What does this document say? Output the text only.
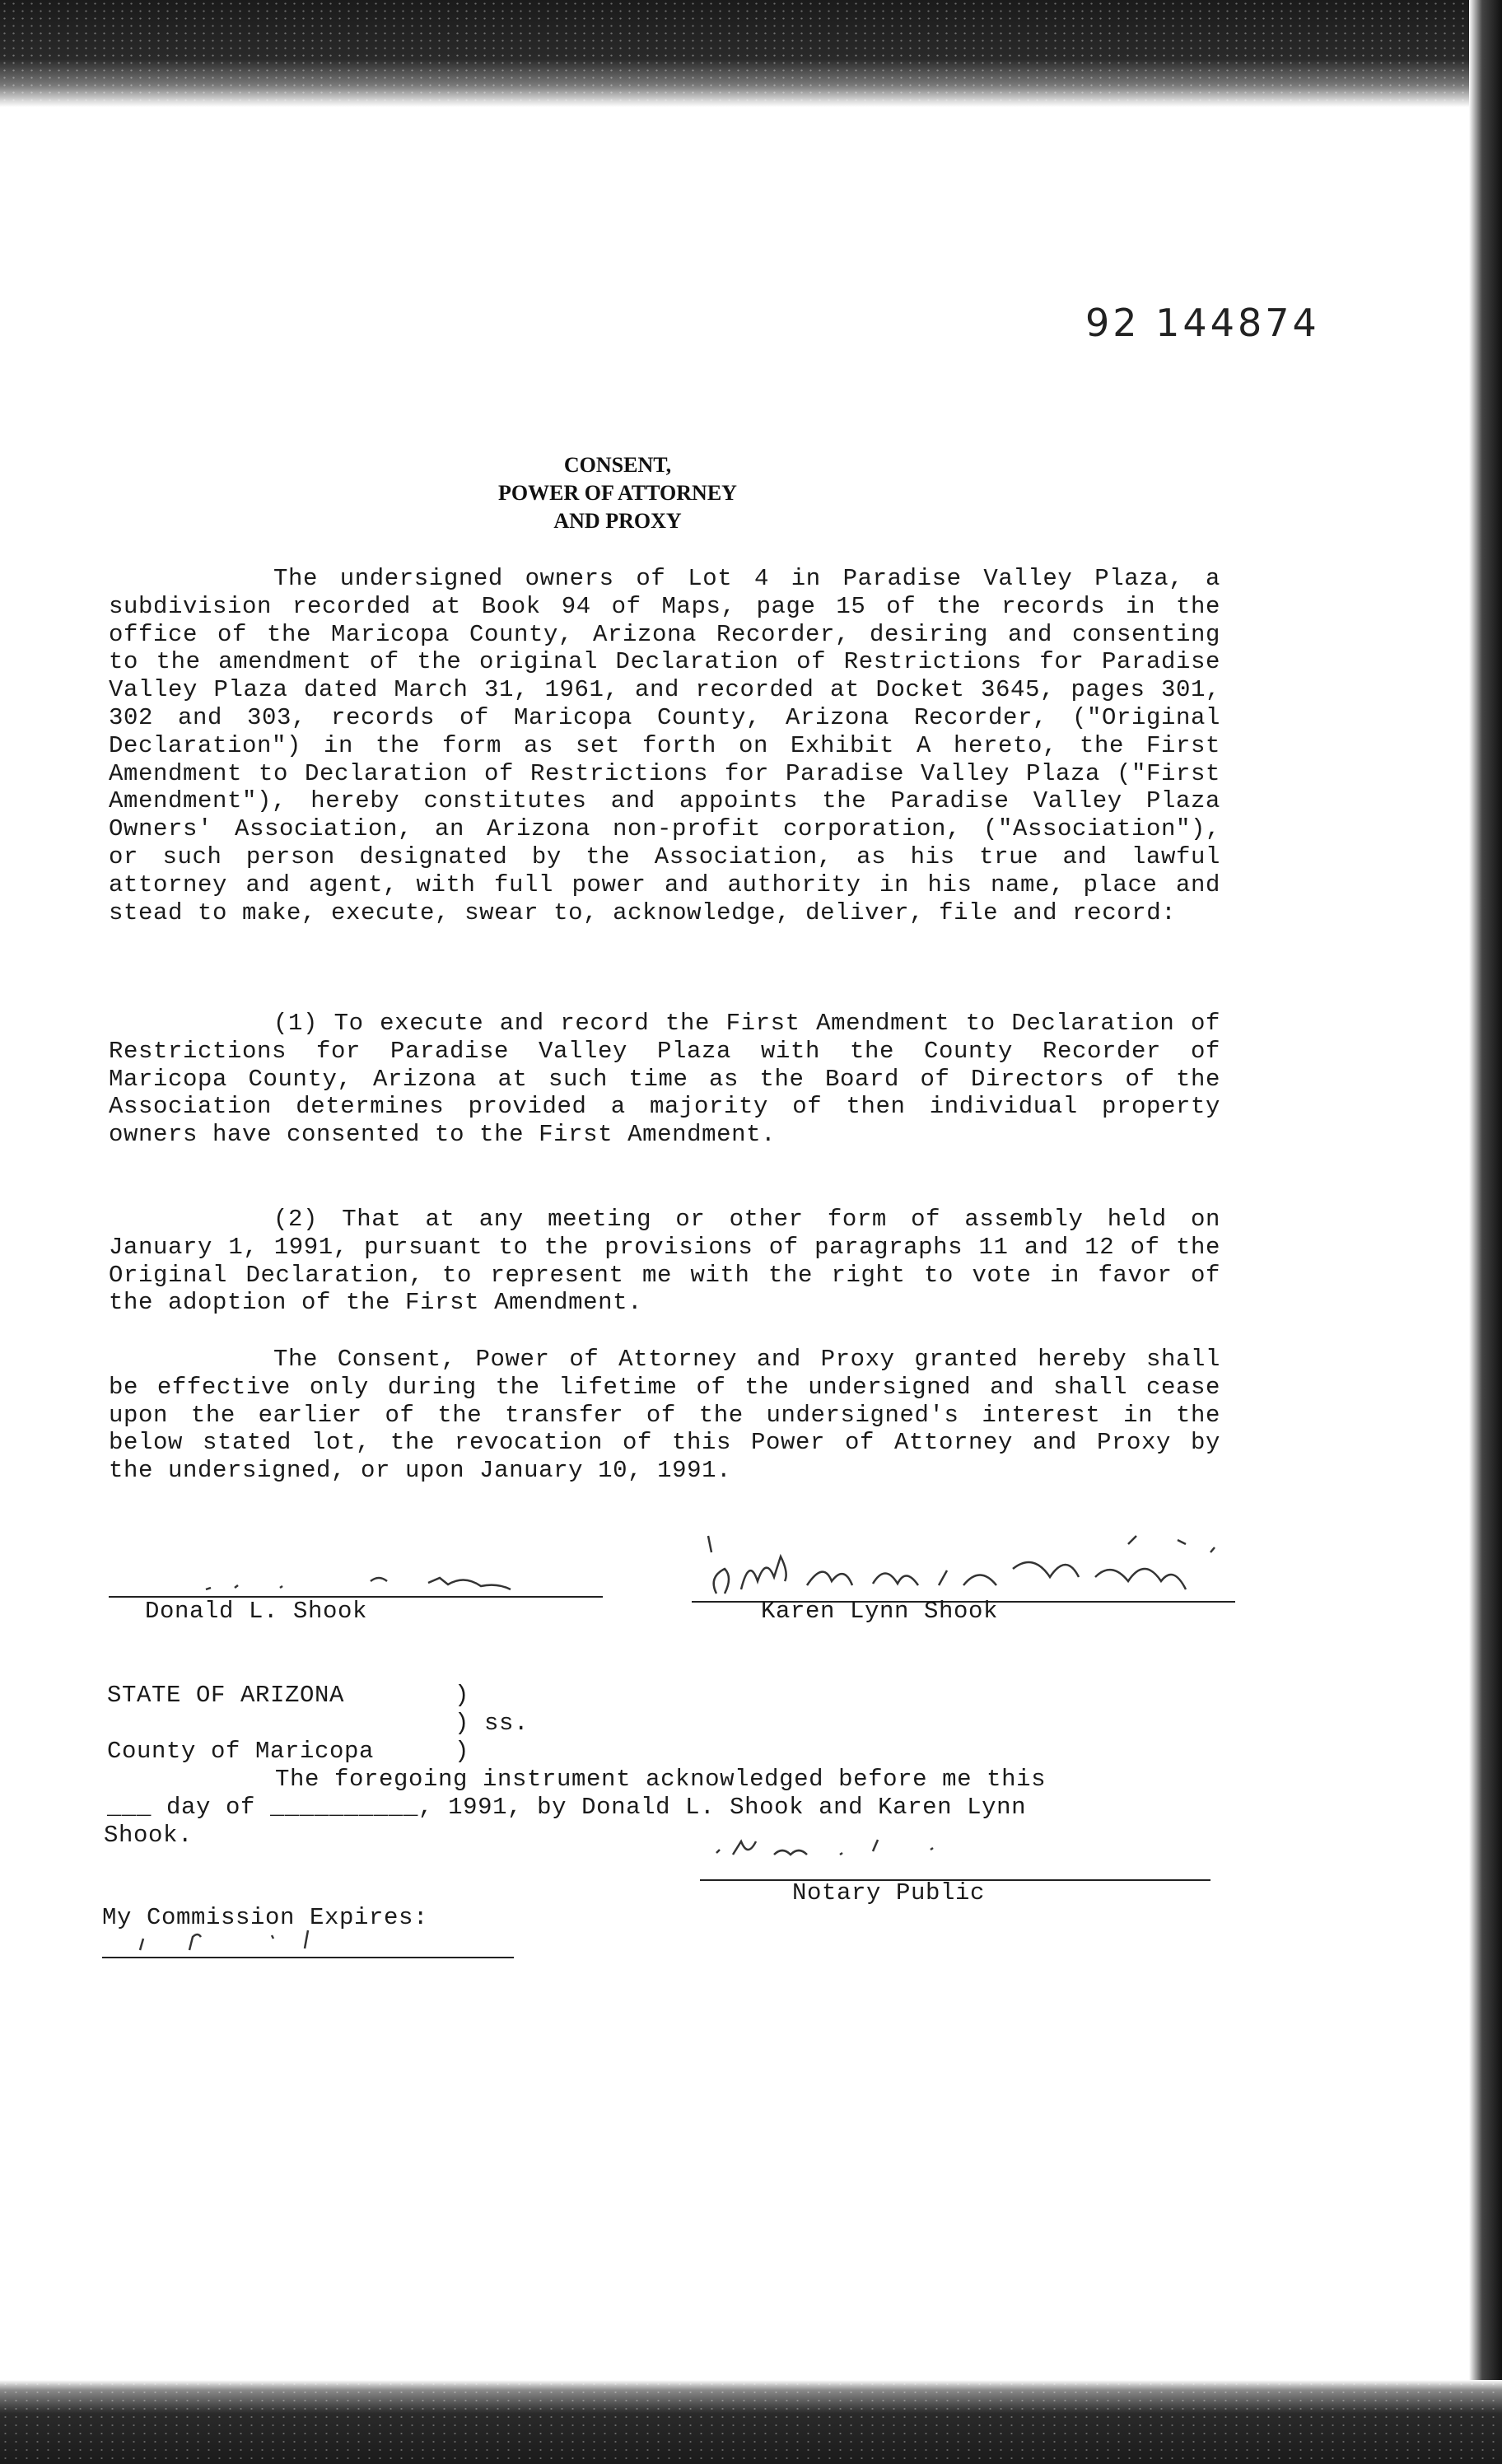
92 144874
CONSENT,
POWER OF ATTORNEY
AND PROXY
The undersigned owners of Lot 4 in Paradise Valley Plaza, a subdivision recorded at Book 94 of Maps, page 15 of the records in the office of the Maricopa County, Arizona Recorder, desiring and consenting to the amendment of the original Declaration of Restrictions for Paradise Valley Plaza dated March 31, 1961, and recorded at Docket 3645, pages 301, 302 and 303, records of Maricopa County, Arizona Recorder, ("Original Declaration") in the form as set forth on Exhibit A hereto, the First Amendment to Declaration of Restrictions for Paradise Valley Plaza ("First Amendment"), hereby constitutes and appoints the Paradise Valley Plaza Owners' Association, an Arizona non-profit corporation, ("Association"), or such person designated by the Association, as his true and lawful attorney and agent, with full power and authority in his name, place and stead to make, execute, swear to, acknowledge, deliver, file and record:
(1) To execute and record the First Amendment to Declaration of Restrictions for Paradise Valley Plaza with the County Recorder of Maricopa County, Arizona at such time as the Board of Directors of the Association determines provided a majority of then individual property owners have consented to the First Amendment.
(2) That at any meeting or other form of assembly held on January 1, 1991, pursuant to the provisions of paragraphs 11 and 12 of the Original Declaration, to represent me with the right to vote in favor of the adoption of the First Amendment.
The Consent, Power of Attorney and Proxy granted hereby shall be effective only during the lifetime of the undersigned and shall cease upon the earlier of the transfer of the undersigned's interest in the below stated lot, the revocation of this Power of Attorney and Proxy by the undersigned, or upon January 10, 1991.
Donald L. Shook	Karen Lynn Shook
STATE OF ARIZONA	)
) ss.
County of Maricopa	)
The foregoing instrument acknowledged before me this
___ day of __________, 1991, by Donald L. Shook and Karen Lynn
Shook.
Notary Public
My Commission Expires:
